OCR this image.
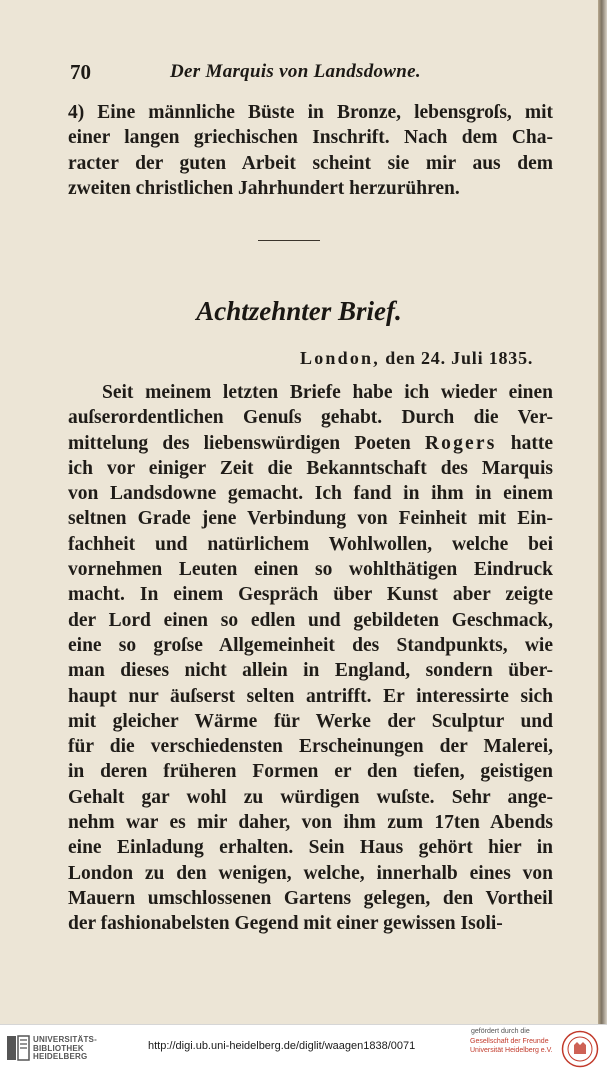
70	Der Marquis von Landsdowne.
4) Eine männliche Büste in Bronze, lebensgroſs, mit
einer langen griechischen Inschrift. Nach dem Cha-
racter der guten Arbeit scheint sie mir aus dem
zweiten christlichen Jahrhundert herzurühren.
Achtzehnter Brief.
London, den 24. Juli 1835.
Seit meinem letzten Briefe habe ich wieder einen
auſserordentlichen Genuſs gehabt. Durch die Ver-
mittelung des liebenswürdigen Poeten Rogers hatte
ich vor einiger Zeit die Bekanntschaft des Marquis
von Landsdowne gemacht. Ich fand in ihm in einem
seltnen Grade jene Verbindung von Feinheit mit Ein-
fachheit und natürlichem Wohlwollen, welche bei
vornehmen Leuten einen so wohlthätigen Eindruck
macht. In einem Gespräch über Kunst aber zeigte
der Lord einen so edlen und gebildeten Geschmack,
eine so groſse Allgemeinheit des Standpunkts, wie
man dieses nicht allein in England, sondern über-
haupt nur äuſserst selten antrifft. Er interessirte sich
mit gleicher Wärme für Werke der Sculptur und
für die verschiedensten Erscheinungen der Malerei,
in deren früheren Formen er den tiefen, geistigen
Gehalt gar wohl zu würdigen wuſste. Sehr ange-
nehm war es mir daher, von ihm zum 17ten Abends
eine Einladung erhalten. Sein Haus gehört hier in
London zu den wenigen, welche, innerhalb eines von
Mauern umschlossenen Gartens gelegen, den Vortheil
der fashionabelsten Gegend mit einer gewissen Isoli-
UNIVERSITÄTS-
BIBLIOTHEK
HEIDELBERG
http://digi.ub.uni-heidelberg.de/diglit/waagen1838/0071
gefördert durch die
Gesellschaft der Freunde
Universität Heidelberg e.V.
